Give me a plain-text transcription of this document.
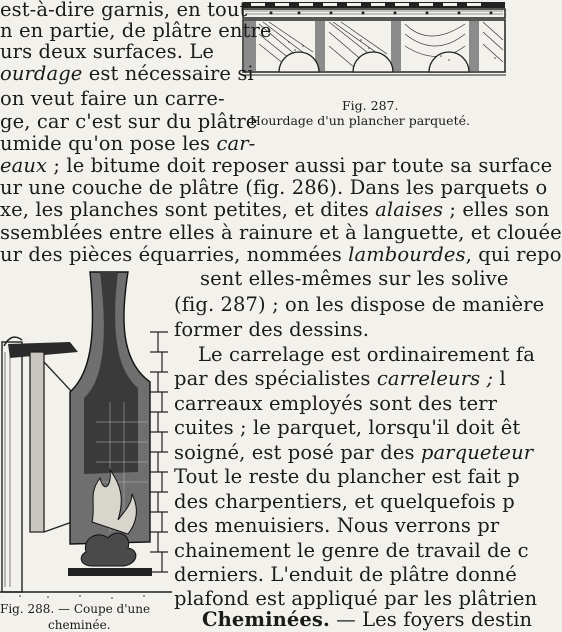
Fig. 287.
Hourdage d'un plancher parqueté.
est-à-dire garnis, en tout
n en partie, de plâtre entre
urs deux surfaces. Le
ourdage est nécessaire si
on veut faire un carre-
ge, car c'est sur du plâtre
umide qu'on pose les car-
eaux ; le bitume doit reposer aussi par toute sa surface
ur une couche de plâtre (fig. 286). Dans les parquets o
xe, les planches sont petites, et dites alaises ; elles son
ssemblées entre elles à rainure et à languette, et clouée
ur des pièces équarries, nommées lambourdes, qui repo
Fig. 288. — Coupe d'une
cheminée.
sent elles-mêmes sur les solive
(fig. 287) ; on les dispose de manière
former des dessins.
Le carrelage est ordinairement fa
par des spécialistes carreleurs ; l
carreaux employés sont des terr
cuites ; le parquet, lorsqu'il doit êt
soigné, est posé par des parqueteur
Tout le reste du plancher est fait p
des charpentiers, et quelquefois p
des menuisiers. Nous verrons pr
chainement le genre de travail de c
derniers. L'enduit de plâtre donné
plafond est appliqué par les plâtrien
Cheminées. — Les foyers destin
